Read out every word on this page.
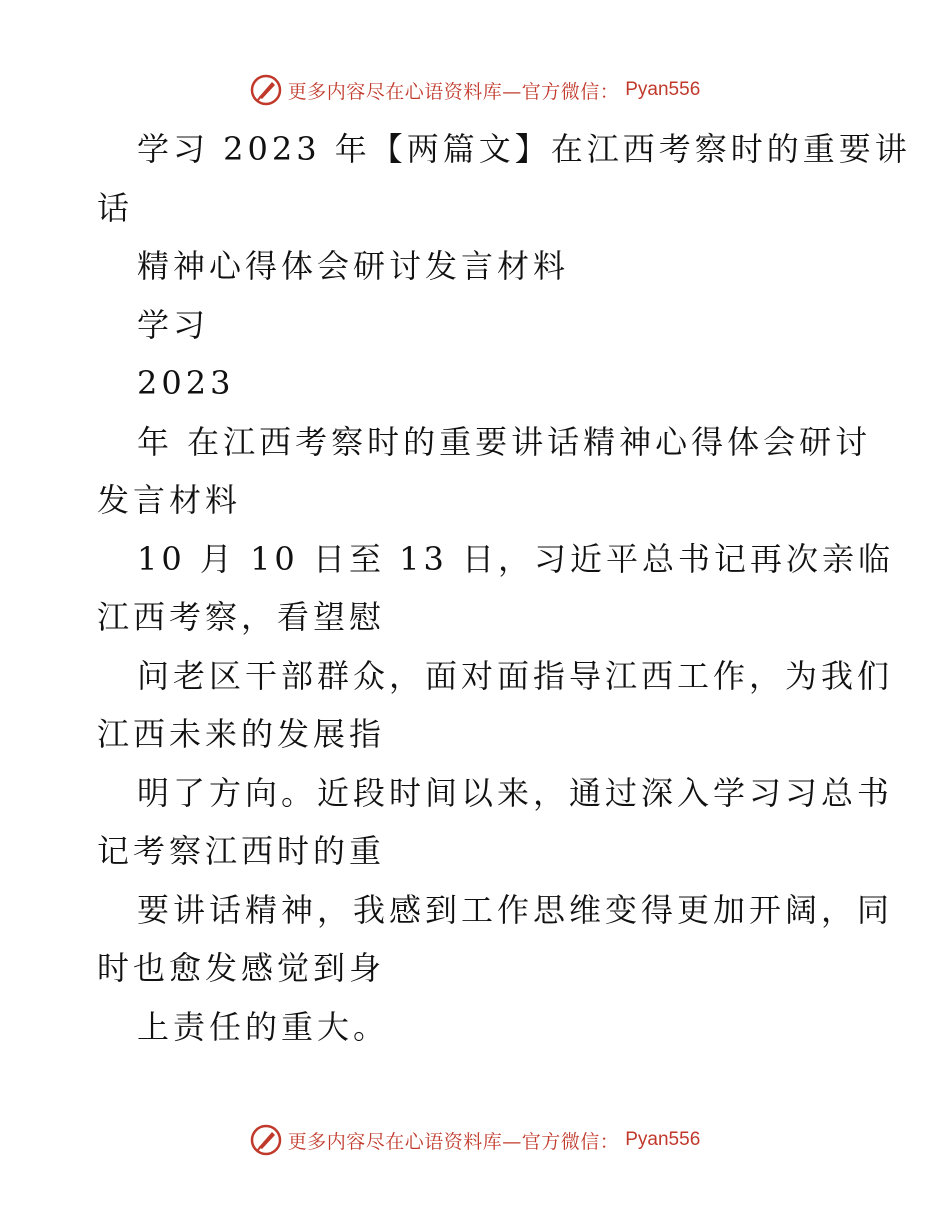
更多内容尽在心语资料库—官方微信： Pyan556

学习 2023 年【两篇文】在江西考察时的重要讲

话

精神心得体会研讨发言材料

学习

2023

年 在江西考察时的重要讲话精神心得体会研讨

发言材料

10 月 10 日至 13 日，习近平总书记再次亲临

江西考察，看望慰

问老区干部群众，面对面指导江西工作，为我们

江西未来的发展指

明了方向。近段时间以来，通过深入学习习总书

记考察江西时的重

要讲话精神，我感到工作思维变得更加开阔，同

时也愈发感觉到身

上责任的重大。

更多内容尽在心语资料库—官方微信： Pyan556
